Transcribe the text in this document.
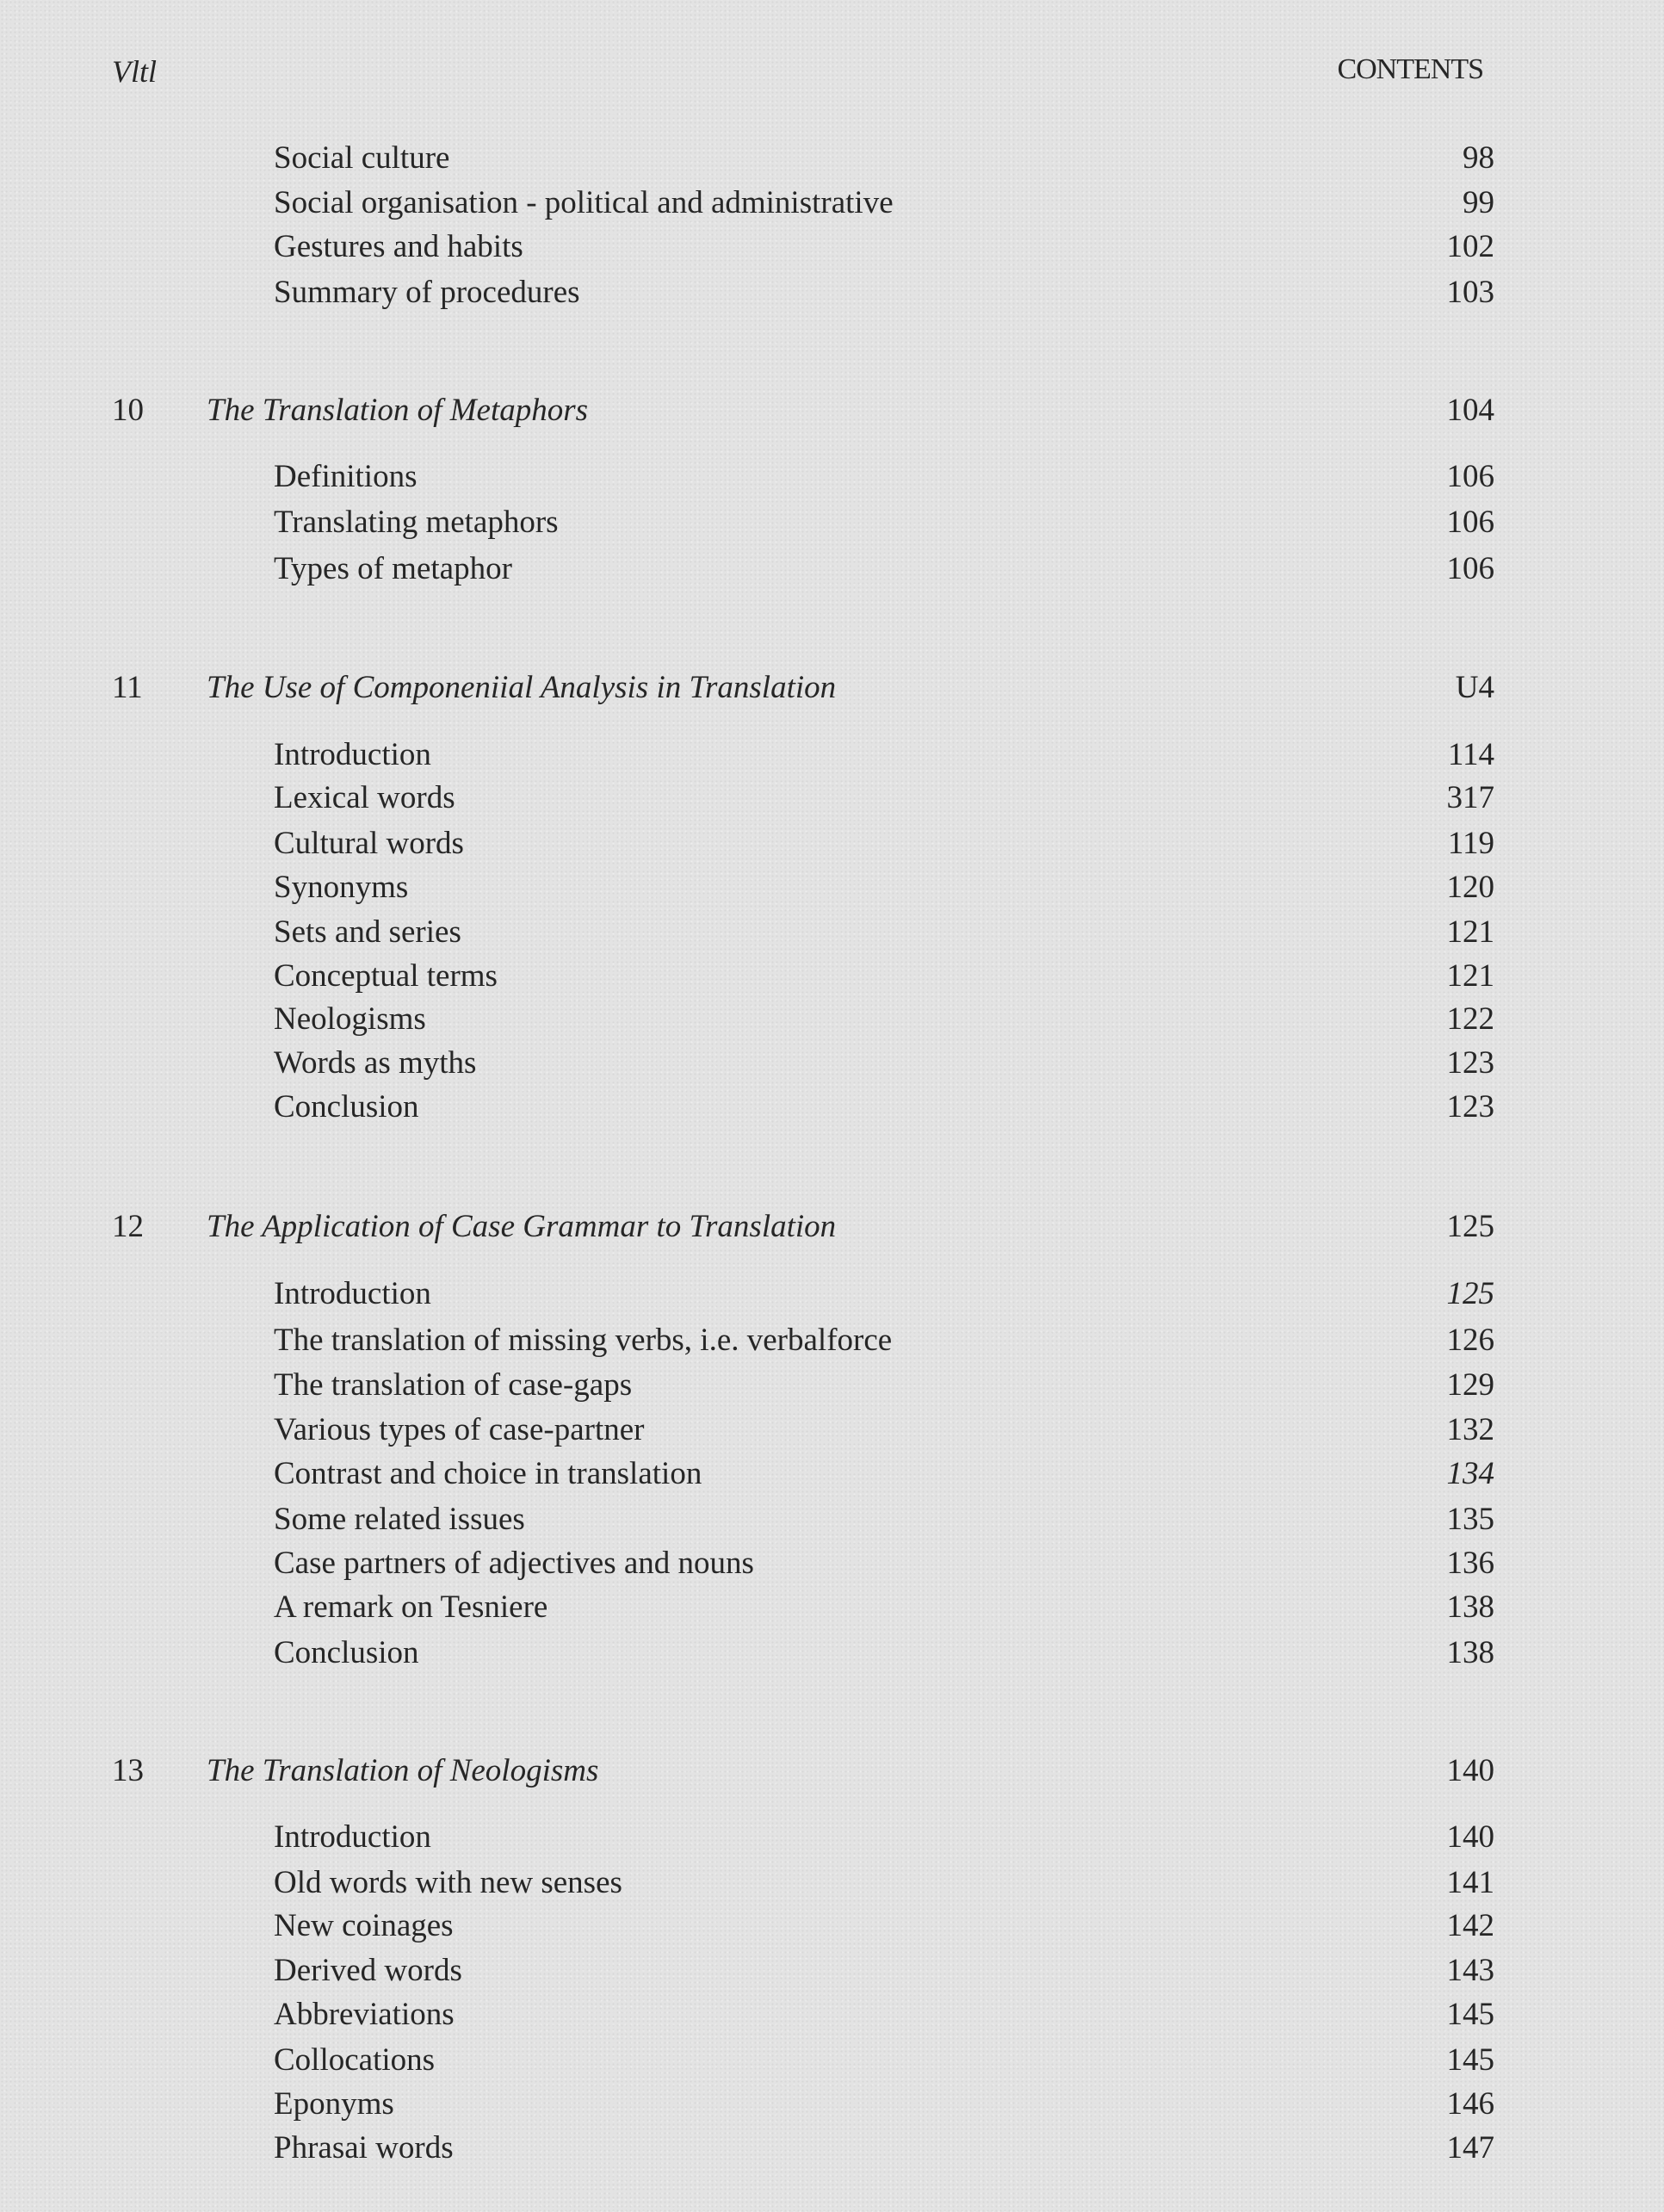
Vltl	CONTENTS
Social culture	98
Social organisation - political and administrative	99
Gestures and habits	102
Summary of procedures	103
10 The Translation of Metaphors	104
Definitions	106
Translating metaphors	106
Types of metaphor	106
11 The Use of Componeniial Analysis in Translation	U4
Introduction	114
Lexical words	317
Cultural words	119
Synonyms	120
Sets and series	121
Conceptual terms	121
Neologisms	122
Words as myths	123
Conclusion	123
12 The Application of Case Grammar to Translation	125
Introduction	125
The translation of missing verbs, i.e. verbalforce	126
The translation of case-gaps	129
Various types of case-partner	132
Contrast and choice in translation	134
Some related issues	135
Case partners of adjectives and nouns	136
A remark on Tesniere	138
Conclusion	138
13 The Translation of Neologisms	140
Introduction	140
Old words with new senses	141
New coinages	142
Derived words	143
Abbreviations	145
Collocations	145
Eponyms	146
Phrasai words	147
